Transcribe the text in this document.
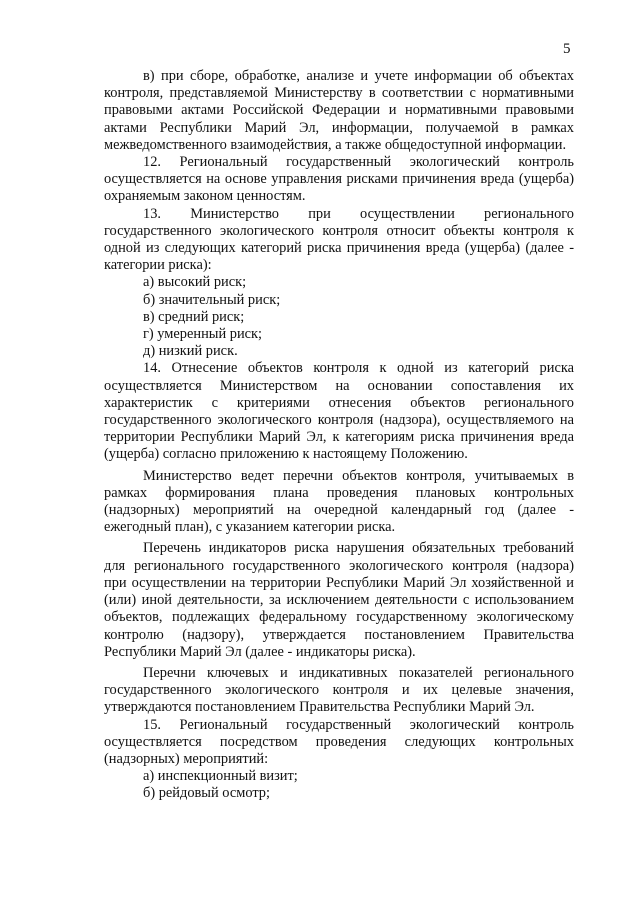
5

в) при сборе, обработке, анализе и учете информации об объектах контроля, представляемой Министерству в соответствии с нормативными правовыми актами Российской Федерации и нормативными правовыми актами Республики Марий Эл, информации, получаемой в рамках межведомственного взаимодействия, а также общедоступной информации.

12. Региональный государственный экологический контроль осуществляется на основе управления рисками причинения вреда (ущерба) охраняемым законом ценностям.

13. Министерство при осуществлении регионального государственного экологического контроля относит объекты контроля к одной из следующих категорий риска причинения вреда (ущерба) (далее - категории риска):

а) высокий риск;

б) значительный риск;

в) средний риск;

г) умеренный риск;

д) низкий риск.

14. Отнесение объектов контроля к одной из категорий риска осуществляется Министерством на основании сопоставления их характеристик с критериями отнесения объектов регионального государственного экологического контроля (надзора), осуществляемого на территории Республики Марий Эл, к категориям риска причинения вреда (ущерба) согласно приложению к настоящему Положению.

Министерство ведет перечни объектов контроля, учитываемых в рамках формирования плана проведения плановых контрольных (надзорных) мероприятий на очередной календарный год (далее - ежегодный план), с указанием категории риска.

Перечень индикаторов риска нарушения обязательных требований для регионального государственного экологического контроля (надзора) при осуществлении на территории Республики Марий Эл хозяйственной и (или) иной деятельности, за исключением деятельности с использованием объектов, подлежащих федеральному государственному экологическому контролю (надзору), утверждается постановлением Правительства Республики Марий Эл (далее - индикаторы риска).

Перечни ключевых и индикативных показателей регионального государственного экологического контроля и их целевые значения, утверждаются постановлением Правительства Республики Марий Эл.

15. Региональный государственный экологический контроль осуществляется посредством проведения следующих контрольных (надзорных) мероприятий:

а) инспекционный визит;

б) рейдовый осмотр;
